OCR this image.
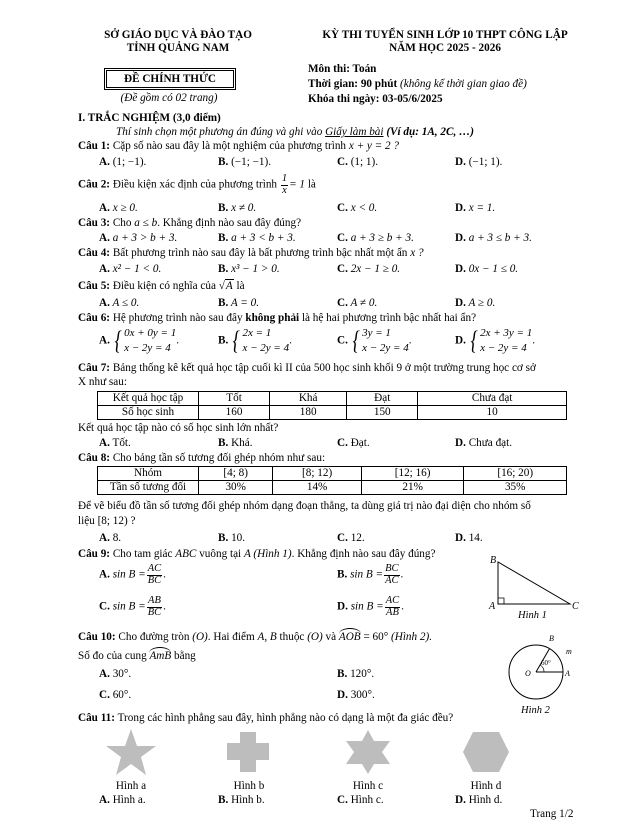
SỞ GIÁO DỤC VÀ ĐÀO TẠO
TỈNH QUẢNG NAM
KỲ THI TUYỂN SINH LỚP 10 THPT CÔNG LẬP
NĂM HỌC 2025 - 2026
ĐỀ CHÍNH THỨC
(Đề gồm có 02 trang)
Môn thi: Toán
Thời gian: 90 phút (không kể thời gian giao đề)
Khóa thi ngày: 03-05/6/2025
I. TRẮC NGHIỆM (3,0 điểm)
Thí sinh chọn một phương án đúng và ghi vào Giấy làm bài (Ví dụ: 1A, 2C, …)
Câu 1: Cặp số nào sau đây là một nghiệm của phương trình x + y = 2 ?
A. (1; −1).	B. (−1; −1).	C. (1; 1).	D. (−1; 1).
Câu 2: Điều kiện xác định của phương trình $\frac{1}{x} = 1$ là
A. x ≥ 0.	B. x ≠ 0.	C. x < 0.	D. x = 1.
Câu 3: Cho a ≤ b. Khẳng định nào sau đây đúng?
A. a + 3 > b + 3.	B. a + 3 < b + 3.	C. a + 3 ≥ b + 3.	D. a + 3 ≤ b + 3.
Câu 4: Bất phương trình nào sau đây là bất phương trình bậc nhất một ẩn x ?
A. x² − 1 < 0.	B. x³ − 1 > 0.	C. 2x − 1 ≥ 0.	D. 0x − 1 ≤ 0.
Câu 5: Điều kiện có nghĩa của √A là
A. A ≤ 0.	B. A = 0.	C. A ≠ 0.	D. A ≥ 0.
Câu 6: Hệ phương trình nào sau đây không phải là hệ hai phương trình bậc nhất hai ẩn?
A. { 0x + 0y = 1
x − 2y = 4
.	B. { 2x = 1
x − 2y = 4
.	C. { 3y = 1
x − 2y = 4
.	D. { 2x + 3y = 1
x − 2y = 4
.
Câu 7: Bảng thống kê kết quả học tập cuối kì II của 500 học sinh khối 9 ở một trường trung học cơ sở
X như sau:
Kết quả học tập	Tốt	Khá	Đạt	Chưa đạt
Số học sinh	160	180	150	10
Kết quả học tập nào có số học sinh lớn nhất?
A. Tốt.	B. Khá.	C. Đạt.	D. Chưa đạt.
Câu 8: Cho bảng tần số tương đối ghép nhóm như sau:
Nhóm	[4; 8)	[8; 12)	[12; 16)	[16; 20)
Tần số tương đối	30%	14%	21%	35%
Để vẽ biểu đồ tần số tương đối ghép nhóm dạng đoạn thẳng, ta dùng giá trị nào đại diện cho nhóm số
liệu [8; 12) ?
A. 8.	B. 10.	C. 12.	D. 14.
Câu 9: Cho tam giác ABC vuông tại A (Hình 1). Khẳng định nào sau đây đúng?
A. $\sin B = \frac{AC}{BC}$ .	B. $\sin B = \frac{BC}{AC}$ .
C. $\sin B = \frac{AB}{BC}$ .	D. $\sin B = \frac{AC}{AB}$ .
B
A	C
Hình 1
Câu 10: Cho đường tròn (O). Hai điểm A, B thuộc (O) và AOB = 60° (Hình 2).
Số đo của cung AmB bằng
A. 30°.	B. 120°.
C. 60°.	D. 300°.
60°
O	A
B
m
Hình 2
Câu 11: Trong các hình phẳng sau đây, hình phẳng nào có dạng là một đa giác đều?
Hình a	Hình b	Hình c	Hình d
A. Hình a.	B. Hình b.	C. Hình c.	D. Hình d.
Trang 1/2
